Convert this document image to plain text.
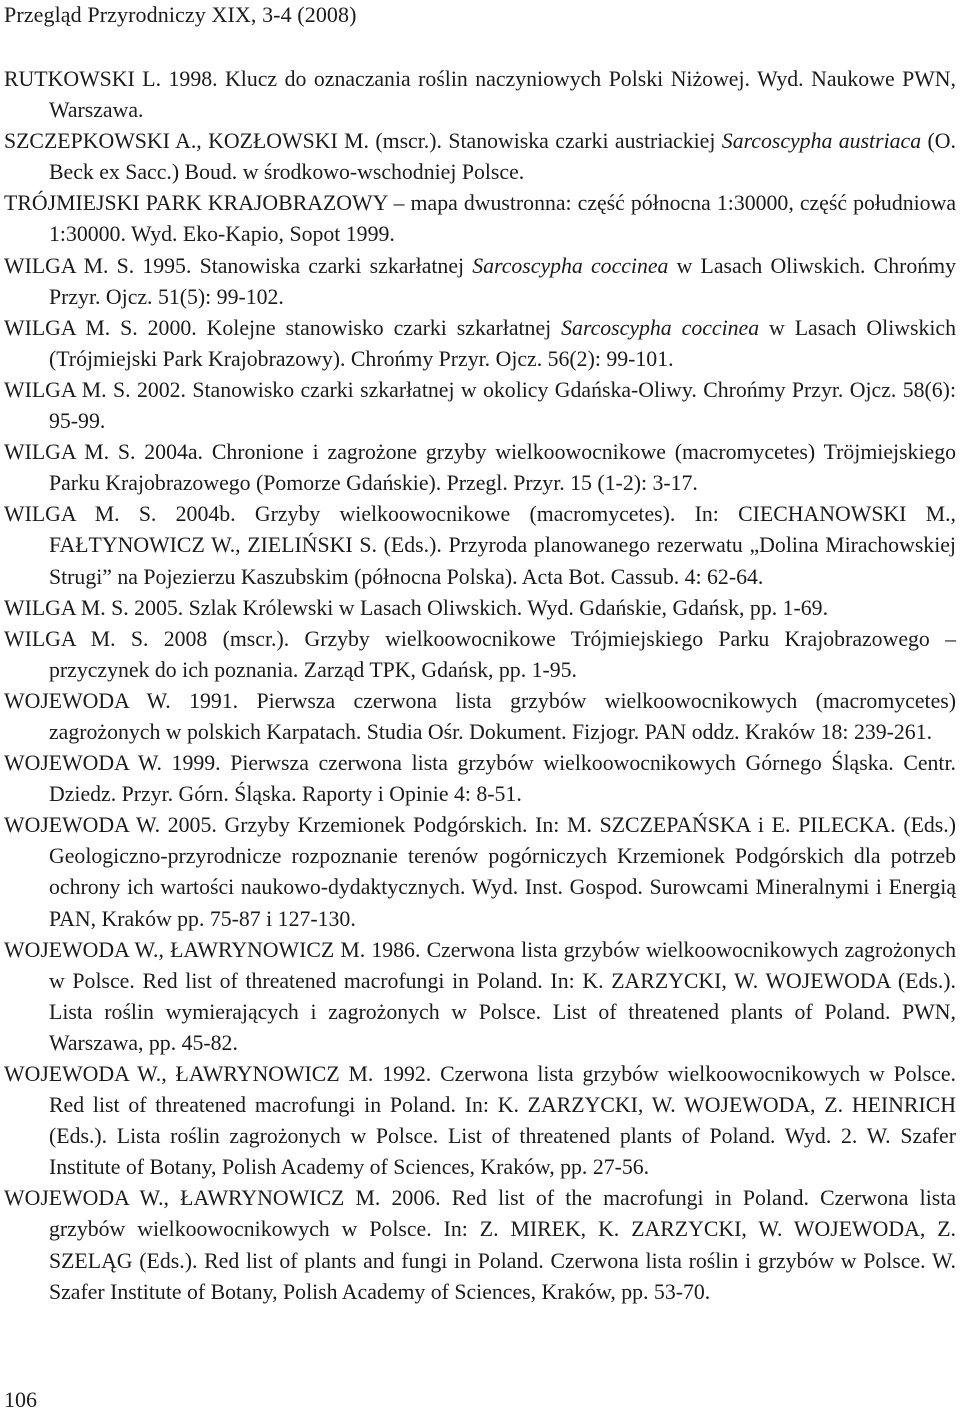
Przegląd Przyrodniczy XIX, 3-4 (2008)
RUTKOWSKI L. 1998. Klucz do oznaczania roślin naczyniowych Polski Niżowej. Wyd. Naukowe PWN, Warszawa.
SZCZEPKOWSKI A., KOZŁOWSKI M. (mscr.). Stanowiska czarki austriackiej Sarcoscypha austriaca (O. Beck ex Sacc.) Boud. w środkowo-wschodniej Polsce.
TRÓJMIEJSKI PARK KRAJOBRAZOWY – mapa dwustronna: część północna 1:30000, część południowa 1:30000. Wyd. Eko-Kapio, Sopot 1999.
WILGA M. S. 1995. Stanowiska czarki szkarłatnej Sarcoscypha coccinea w Lasach Oliwskich. Chrońmy Przyr. Ojcz. 51(5): 99-102.
WILGA M. S. 2000. Kolejne stanowisko czarki szkarłatnej Sarcoscypha coccinea w Lasach Oliwskich (Trójmiejski Park Krajobrazowy). Chrońmy Przyr. Ojcz. 56(2): 99-101.
WILGA M. S. 2002. Stanowisko czarki szkarłatnej w okolicy Gdańska-Oliwy. Chrońmy Przyr. Ojcz. 58(6): 95-99.
WILGA M. S. 2004a. Chronione i zagrożone grzyby wielkoowocnikowe (macromycetes) Tröjmiejskiego Parku Krajobrazowego (Pomorze Gdańskie). Przegl. Przyr. 15 (1-2): 3-17.
WILGA M. S. 2004b. Grzyby wielkoowocnikowe (macromycetes). In: CIECHANOWSKI M., FAŁTYNOWICZ W., ZIELIŃSKI S. (Eds.). Przyroda planowanego rezerwatu „Dolina Mirachowskiej Strugi” na Pojezierzu Kaszubskim (północna Polska). Acta Bot. Cassub. 4: 62-64.
WILGA M. S. 2005. Szlak Królewski w Lasach Oliwskich. Wyd. Gdańskie, Gdańsk, pp. 1-69.
WILGA M. S. 2008 (mscr.). Grzyby wielkoowocnikowe Trójmiejskiego Parku Krajobrazowego – przyczynek do ich poznania. Zarząd TPK, Gdańsk, pp. 1-95.
WOJEWODA W. 1991. Pierwsza czerwona lista grzybów wielkoowocnikowych (macromycetes) zagrożonych w polskich Karpatach. Studia Ośr. Dokument. Fizjogr. PAN oddz. Kraków 18: 239-261.
WOJEWODA W. 1999. Pierwsza czerwona lista grzybów wielkoowocnikowych Górnego Śląska. Centr. Dziedz. Przyr. Górn. Śląska. Raporty i Opinie 4: 8-51.
WOJEWODA W. 2005. Grzyby Krzemionek Podgórskich. In: M. SZCZEPAŃSKA i E. PILECKA. (Eds.) Geologiczno-przyrodnicze rozpoznanie terenów pogórniczych Krzemionek Podgórskich dla potrzeb ochrony ich wartości naukowo-dydaktycznych. Wyd. Inst. Gospod. Surowcami Mineralnymi i Energią PAN, Kraków pp. 75-87 i 127-130.
WOJEWODA W., ŁAWRYNOWICZ M. 1986. Czerwona lista grzybów wielkoowocnikowych zagrożonych w Polsce. Red list of threatened macrofungi in Poland. In: K. ZARZYCKI, W. WOJEWODA (Eds.). Lista roślin wymierających i zagrożonych w Polsce. List of threatened plants of Poland. PWN, Warszawa, pp. 45-82.
WOJEWODA W., ŁAWRYNOWICZ M. 1992. Czerwona lista grzybów wielkoowocnikowych w Polsce. Red list of threatened macrofungi in Poland. In: K. ZARZYCKI, W. WOJEWODA, Z. HEINRICH (Eds.). Lista roślin zagrożonych w Polsce. List of threatened plants of Poland. Wyd. 2. W. Szafer Institute of Botany, Polish Academy of Sciences, Kraków, pp. 27-56.
WOJEWODA W., ŁAWRYNOWICZ M. 2006. Red list of the macrofungi in Poland. Czerwona lista grzybów wielkoowocnikowych w Polsce. In: Z. MIREK, K. ZARZYCKI, W. WOJEWODA, Z. SZELĄG (Eds.). Red list of plants and fungi in Poland. Czerwona lista roślin i grzybów w Polsce. W. Szafer Institute of Botany, Polish Academy of Sciences, Kraków, pp. 53-70.
106
